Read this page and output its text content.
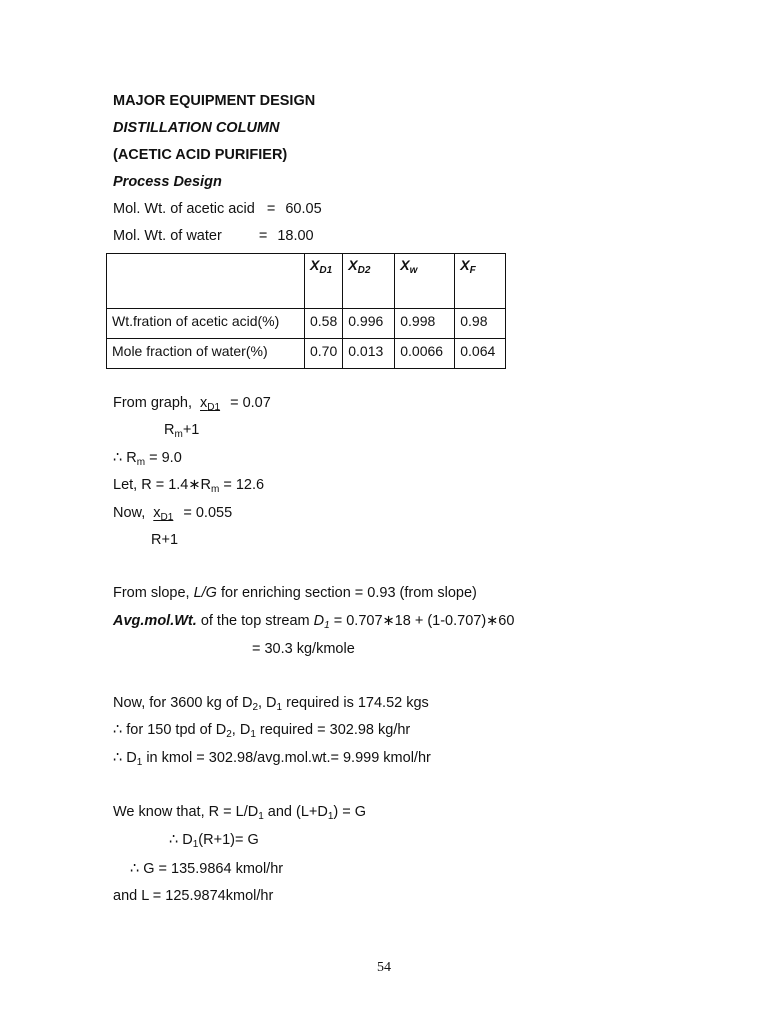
MAJOR EQUIPMENT DESIGN
DISTILLATION COLUMN
(ACETIC ACID PURIFIER)
Process Design
Mol. Wt. of acetic acid = 60.05
Mol. Wt. of water	= 18.00
	$X_{D1}$	$X_{D2}$	$X_w$	$X_F$
Wt.fration of acetic acid(%)	0.58	0.996	0.998	0.98
Mole fraction of water(%)	0.70	0.013	0.0066	0.064
From graph, $x_{D1} = 0.07$
$R_m+1$
∴ $R_m = 9.0$
Let, $R = 1.4∗R_m = 12.6$
Now, $x_{D1} = 0.055$
R+1
From slope, L/G for enriching section = 0.93 (from slope)
Avg.mol.Wt. of the top stream $D_1$ = 0.707∗18 + (1-0.707)∗60
= 30.3 kg/kmole
Now, for 3600 kg of $D_2$, $D_1$ required is 174.52 kgs
∴ for 150 tpd of $D_2$, $D_1$ required = 302.98 kg/hr
∴ $D_1$ in kmol = 302.98/avg.mol.wt.= 9.999 kmol/hr
We know that, $R = L/D_1$ and $(L+D_1) = G$
∴ $D_1(R+1)= G$
∴ G = 135.9864 kmol/hr
and L = 125.9874kmol/hr
54
